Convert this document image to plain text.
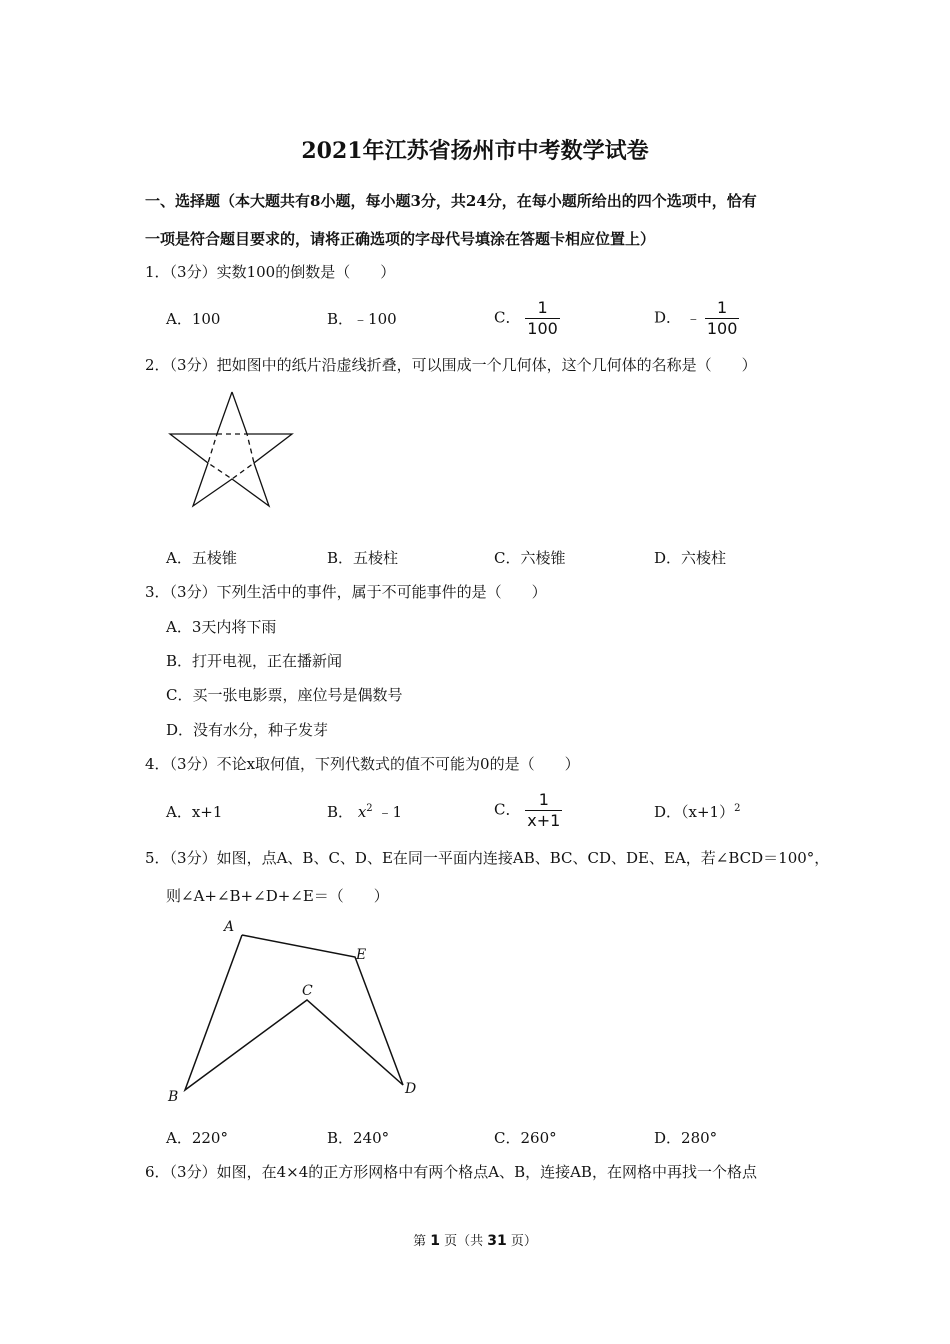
2021年江苏省扬州市中考数学试卷
一、选择题（本大题共有8小题，每小题3分，共24分，在每小题所给出的四个选项中，恰有
一项是符合题目要求的，请将正确选项的字母代号填涂在答题卡相应位置上）
1．（3分）实数100的倒数是（　　）
A．100	B．﹣100	C． $\frac{1}{100}$	D． ﹣ $\frac{1}{100}$
2．（3分）把如图中的纸片沿虚线折叠，可以围成一个几何体，这个几何体的名称是（　　）
A．五棱锥	B．五棱柱	C．六棱锥	D．六棱柱
3．（3分）下列生活中的事件，属于不可能事件的是（　　）
A．3天内将下雨
B．打开电视，正在播新闻
C．买一张电影票，座位号是偶数号
D．没有水分，种子发芽
4．（3分）不论x取何值，下列代数式的值不可能为0的是（　　）
A．x+1	B． $x^2$ ﹣1	C． $\frac{1}{x+1}$	D．$(x+1)^2$
5．（3分）如图，点A、B、C、D、E在同一平面内连接AB、BC、CD、DE、EA，若∠BCD＝100°，
则∠A+∠B+∠D+∠E＝（　　）
A
B
C
D
E
A．220°	B．240°	C．260°	D．280°
6．（3分）如图，在4×4的正方形网格中有两个格点A、B，连接AB，在网格中再找一个格点
第 1 页（共 31 页）
